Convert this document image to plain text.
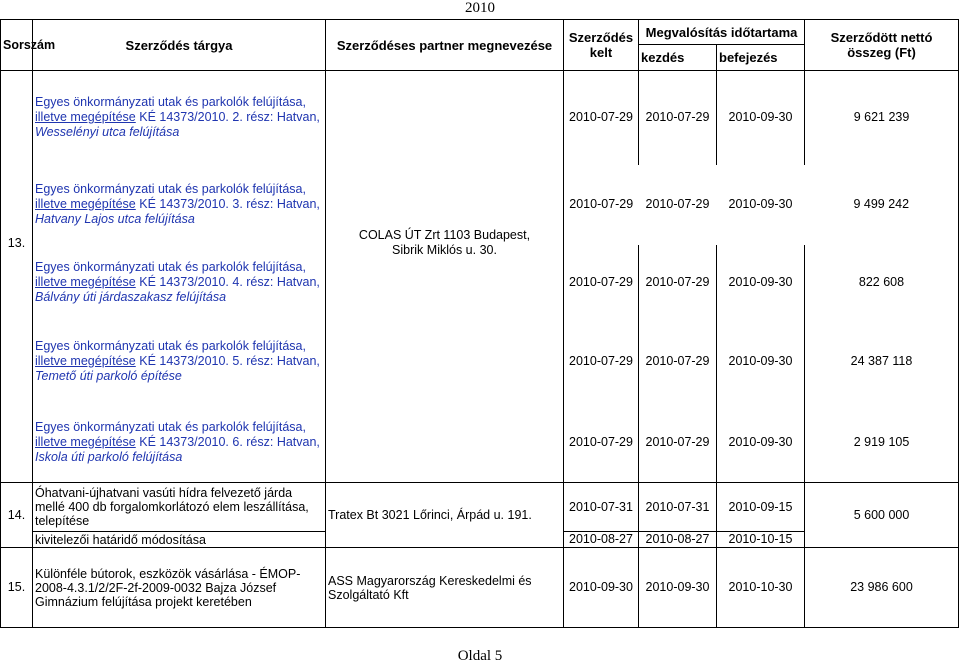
2010
Sorszám	Szerződés tárgya	Szerződéses partner megnevezése	Szerződés kelt	Megvalósítás időtartama		Szerződött nettó összeg (Ft)
				kezdés	befejezés	

	Egyes önkormányzati utak és parkolók felújítása,
illetve megépítése KÉ 14373/2010. 2. rész: Hatvan,
Wesselényi utca felújítása		2010-07-29	2010-07-29	2010-09-30	9 621 239
13.	Egyes önkormányzati utak és parkolók felújítása,
illetve megépítése KÉ 14373/2010. 3. rész: Hatvan,
Hatvany Lajos utca felújítása	COLAS ÚT Zrt 1103 Budapest, Sibrik Miklós u. 30.	2010-07-29	2010-07-29	2010-09-30	9 499 242

	Egyes önkormányzati utak és parkolók felújítása,
illetve megépítése KÉ 14373/2010. 4. rész: Hatvan,
Bálvány úti járdaszakasz felújítása		2010-07-29	2010-07-29	2010-09-30	822 608

	Egyes önkormányzati utak és parkolók felújítása,
illetve megépítése KÉ 14373/2010. 5. rész: Hatvan,
Temető úti parkoló építése		2010-07-29	2010-07-29	2010-09-30	24 387 118

	Egyes önkormányzati utak és parkolók felújítása,
illetve megépítése KÉ 14373/2010. 6. rész: Hatvan,
Iskola úti parkoló felújítása		2010-07-29	2010-07-29	2010-09-30	2 919 105
14.	Óhatvani-újhatvani vasúti hídra felvezető járda mellé 400 db forgalomkorlátozó elem leszállítása, telepítése	Tratex Bt 3021 Lőrinci, Árpád u. 191.	2010-07-31	2010-07-31	2010-09-15	5 600 000
	kivitelezői határidő módosítása		2010-08-27	2010-08-27	2010-10-15	
15.	Különféle bútorok, eszközök vásárlása - ÉMOP-2008-4.3.1/2/2F-2f-2009-0032 Bajza József Gimnázium felújítása projekt keretében	ASS Magyarország Kereskedelmi és Szolgáltató Kft	2010-09-30	2010-09-30	2010-10-30	23 986 600
Oldal 5
